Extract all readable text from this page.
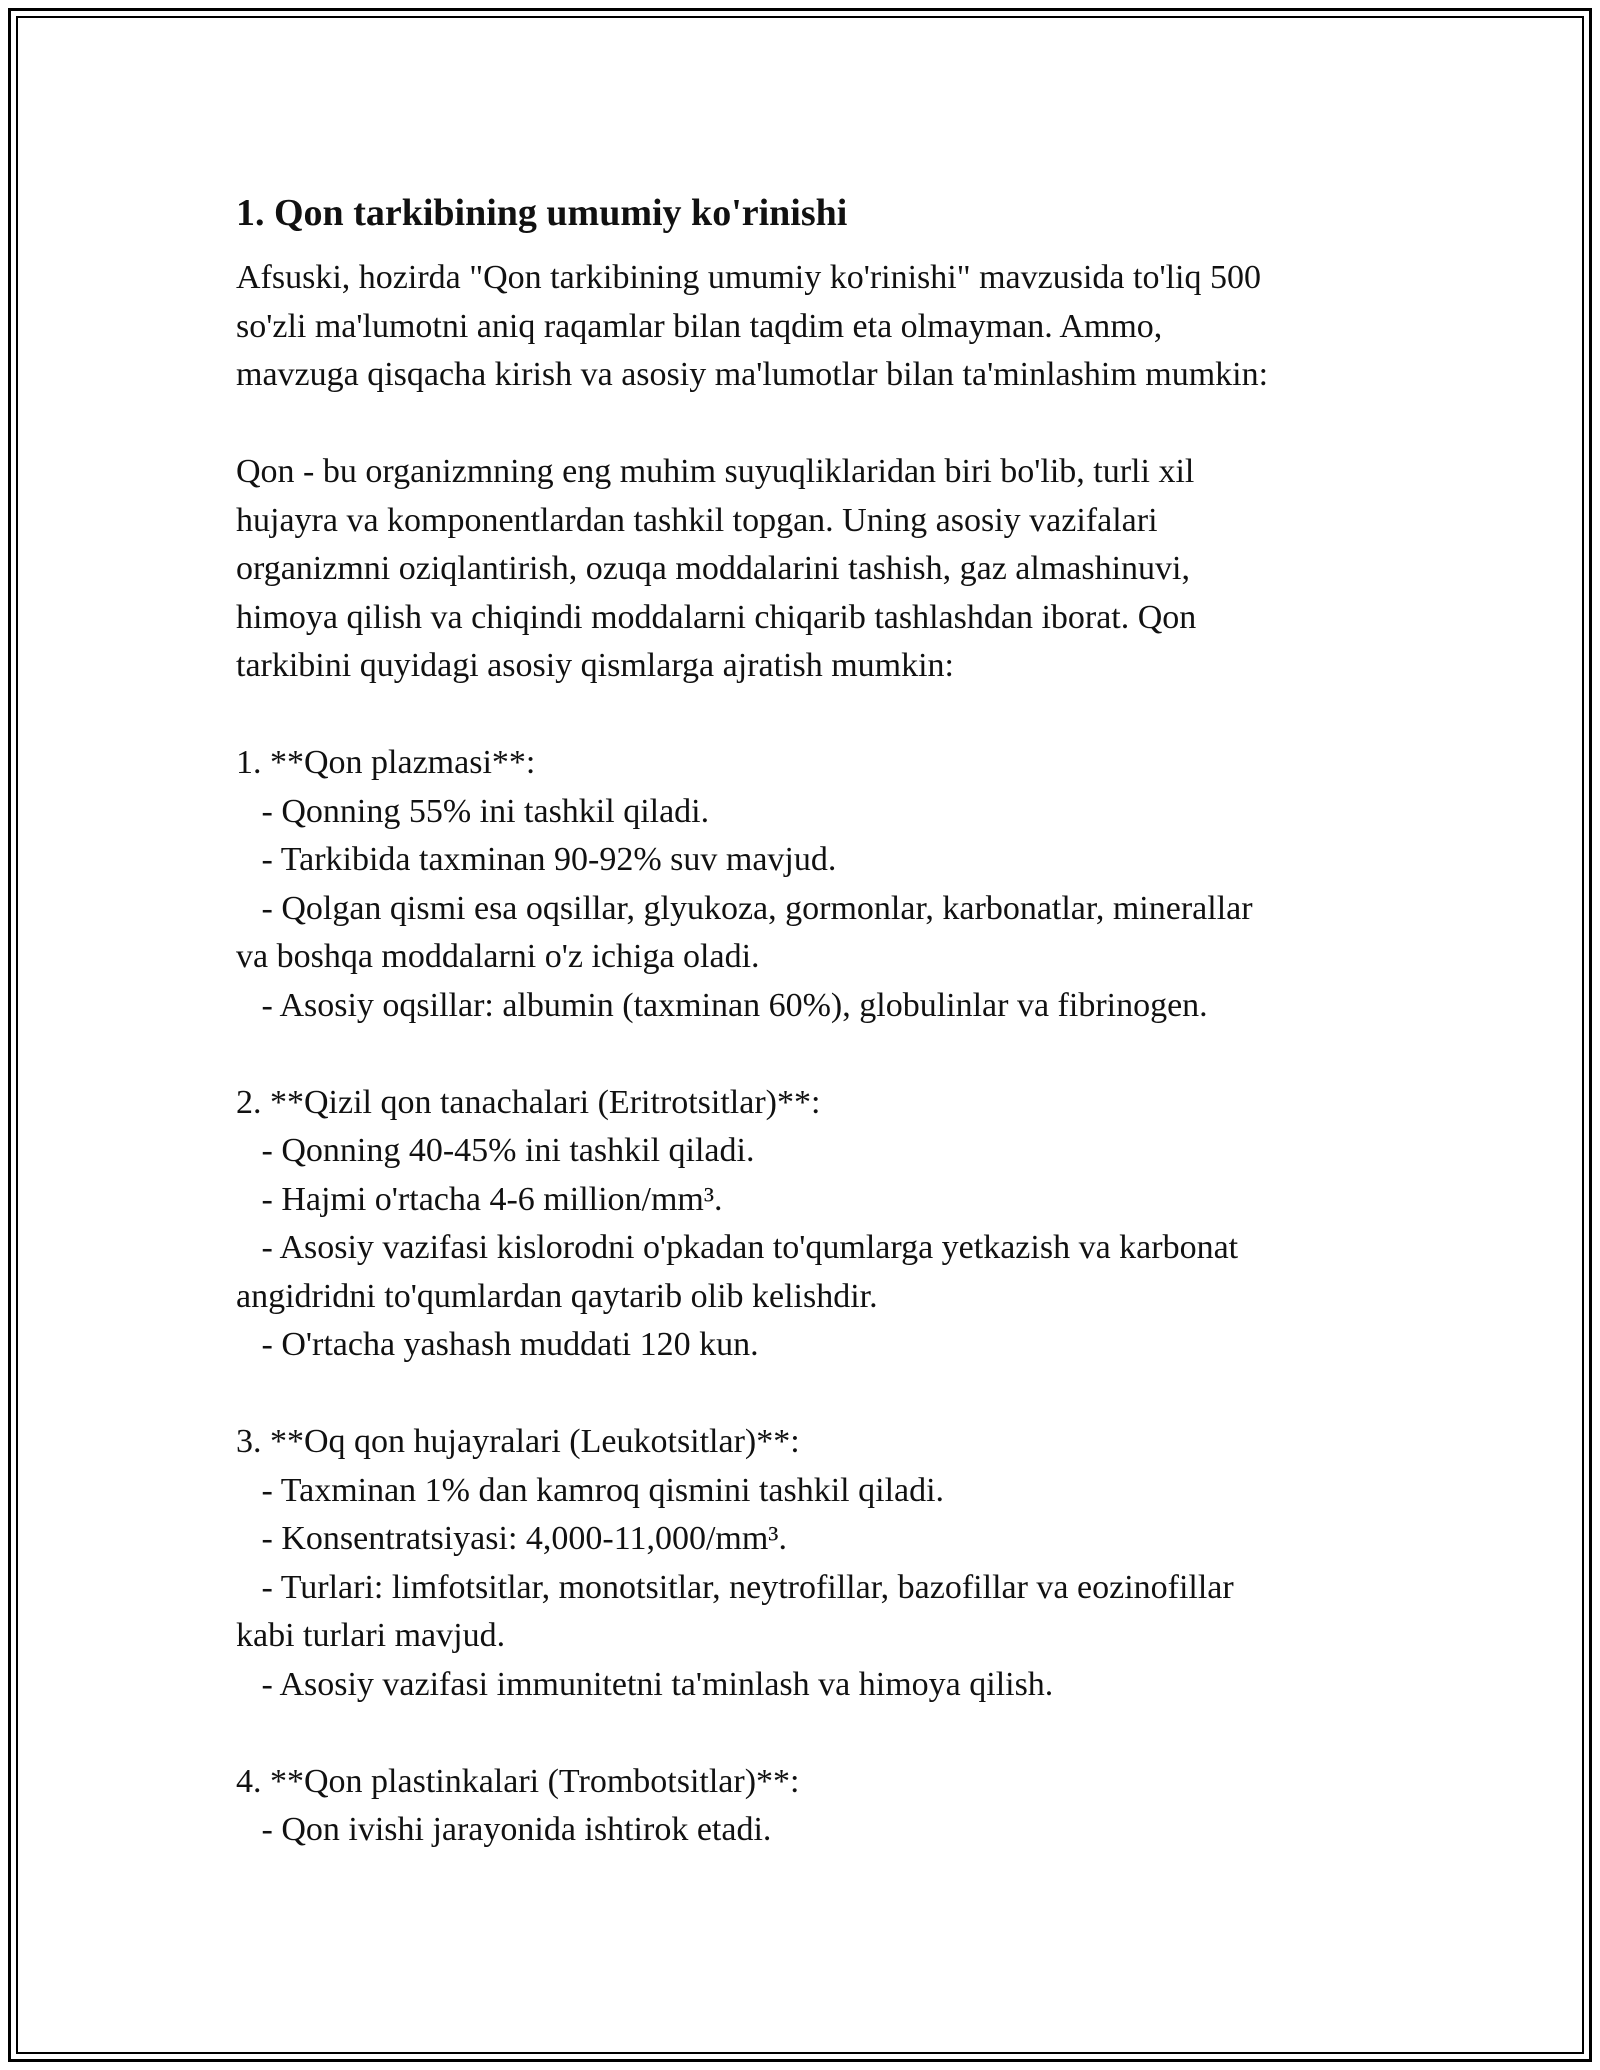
1. Qon tarkibining umumiy ko'rinishi

Afsuski, hozirda "Qon tarkibining umumiy ko'rinishi" mavzusida to'liq 500

so'zli ma'lumotni aniq raqamlar bilan taqdim eta olmayman. Ammo,

mavzuga qisqacha kirish va asosiy ma'lumotlar bilan ta'minlashim mumkin:

Qon - bu organizmning eng muhim suyuqliklaridan biri bo'lib, turli xil

hujayra va komponentlardan tashkil topgan. Uning asosiy vazifalari

organizmni oziqlantirish, ozuqa moddalarini tashish, gaz almashinuvi,

himoya qilish va chiqindi moddalarni chiqarib tashlashdan iborat. Qon

tarkibini quyidagi asosiy qismlarga ajratish mumkin:

1. **Qon plazmasi**:

- Qonning 55% ini tashkil qiladi.

- Tarkibida taxminan 90-92% suv mavjud.

- Qolgan qismi esa oqsillar, glyukoza, gormonlar, karbonatlar, minerallar

va boshqa moddalarni o'z ichiga oladi.

- Asosiy oqsillar: albumin (taxminan 60%), globulinlar va fibrinogen.

2. **Qizil qon tanachalari (Eritrotsitlar)**:

- Qonning 40-45% ini tashkil qiladi.

- Hajmi o'rtacha 4-6 million/mm³.

- Asosiy vazifasi kislorodni o'pkadan to'qumlarga yetkazish va karbonat

angidridni to'qumlardan qaytarib olib kelishdir.

- O'rtacha yashash muddati 120 kun.

3. **Oq qon hujayralari (Leukotsitlar)**:

- Taxminan 1% dan kamroq qismini tashkil qiladi.

- Konsentratsiyasi: 4,000-11,000/mm³.

- Turlari: limfotsitlar, monotsitlar, neytrofillar, bazofillar va eozinofillar

kabi turlari mavjud.

- Asosiy vazifasi immunitetni ta'minlash va himoya qilish.

4. **Qon plastinkalari (Trombotsitlar)**:

- Qon ivishi jarayonida ishtirok etadi.
